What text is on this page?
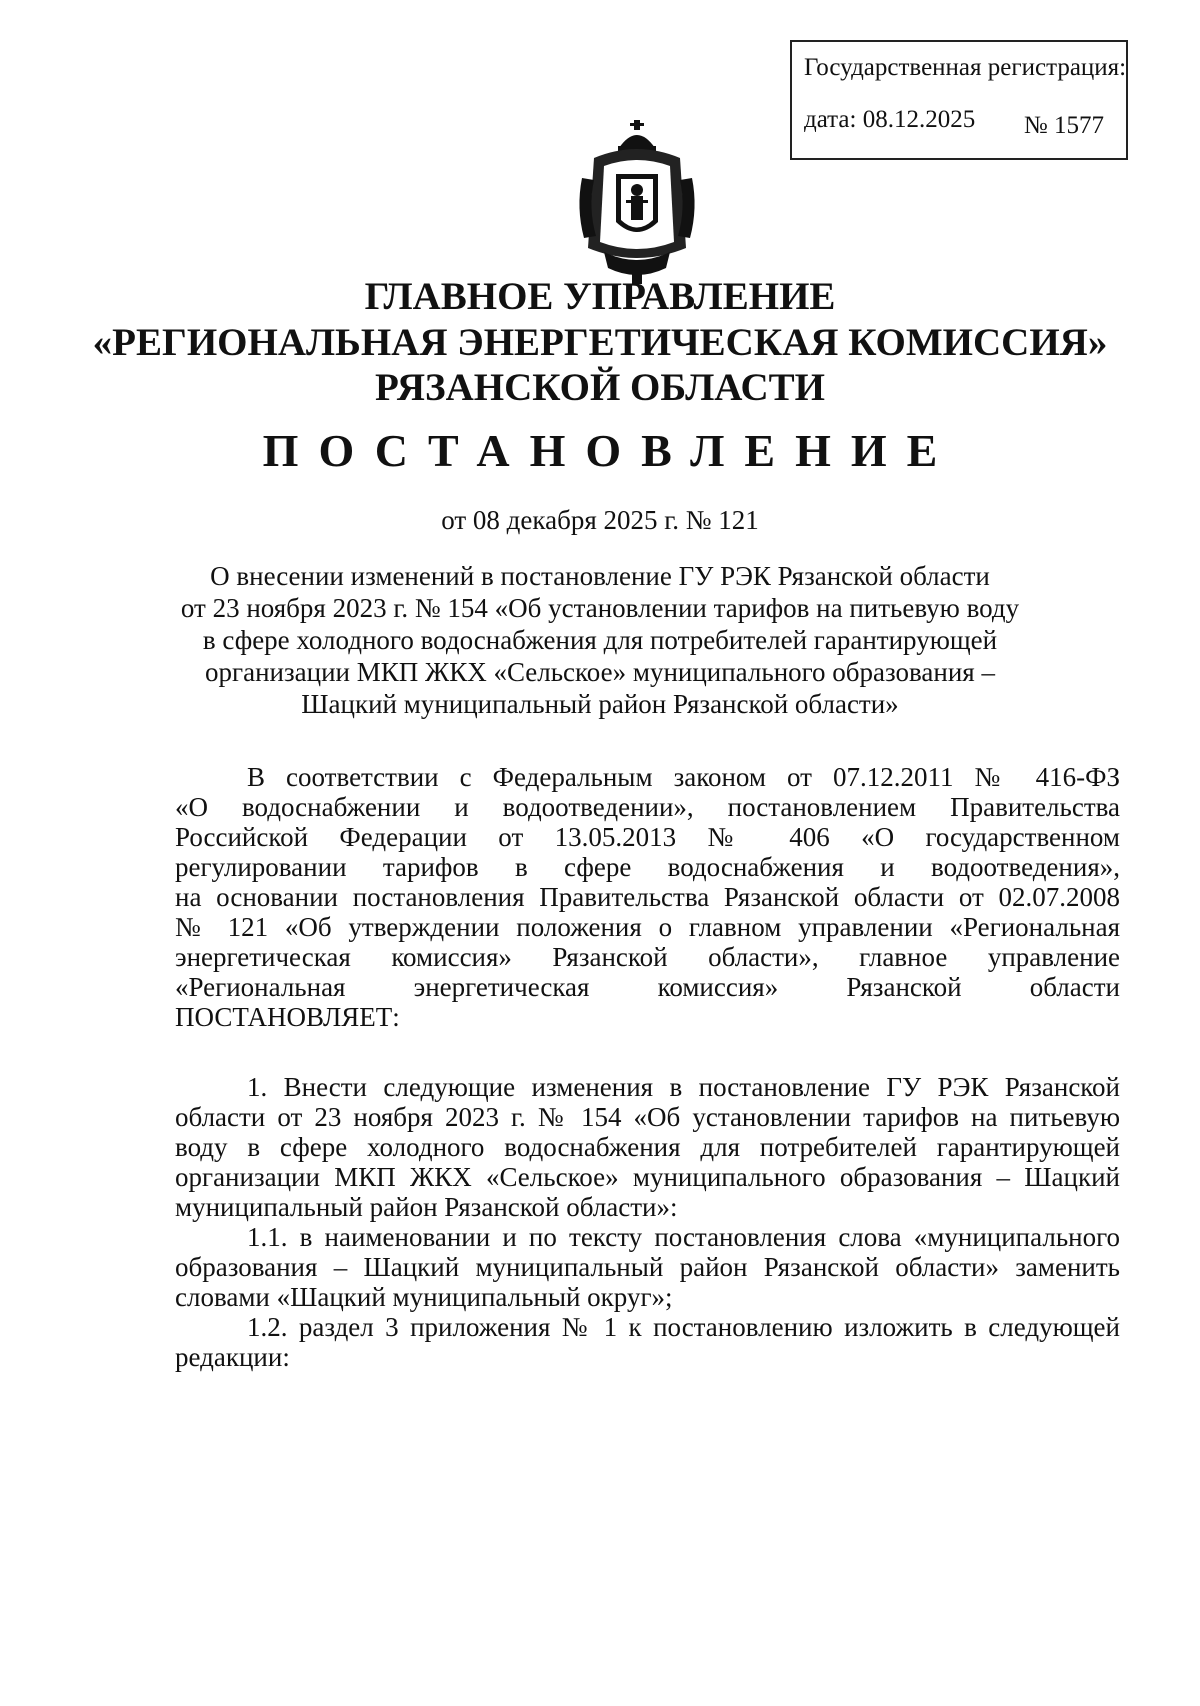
Государственная регистрация:
дата: 08.12.2025	№ 1577
ГЛАВНОЕ УПРАВЛЕНИЕ
«РЕГИОНАЛЬНАЯ ЭНЕРГЕТИЧЕСКАЯ КОМИССИЯ»
РЯЗАНСКОЙ ОБЛАСТИ
ПОСТАНОВЛЕНИЕ
от 08 декабря 2025 г. № 121
О внесении изменений в постановление ГУ РЭК Рязанской области
от 23 ноября 2023 г. № 154 «Об установлении тарифов на питьевую воду
в сфере холодного водоснабжения для потребителей гарантирующей
организации МКП ЖКХ «Сельское» муниципального образования –
Шацкий муниципальный район Рязанской области»
В соответствии с Федеральным законом от 07.12.2011 № 416-ФЗ
«О водоснабжении и водоотведении», постановлением Правительства
Российской Федерации от 13.05.2013 № 406 «О государственном
регулировании тарифов в сфере водоснабжения и водоотведения»,
на основании постановления Правительства Рязанской области от 02.07.2008
№ 121 «Об утверждении положения о главном управлении «Региональная
энергетическая комиссия» Рязанской области», главное управление
«Региональная энергетическая комиссия» Рязанской области
ПОСТАНОВЛЯЕТ:
1. Внести следующие изменения в постановление ГУ РЭК Рязанской
области от 23 ноября 2023 г. № 154 «Об установлении тарифов на питьевую
воду в сфере холодного водоснабжения для потребителей гарантирующей
организации МКП ЖКХ «Сельское» муниципального образования – Шацкий
муниципальный район Рязанской области»:
1.1. в наименовании и по тексту постановления слова «муниципального
образования – Шацкий муниципальный район Рязанской области» заменить
словами «Шацкий муниципальный округ»;
1.2. раздел 3 приложения № 1 к постановлению изложить в следующей
редакции:
